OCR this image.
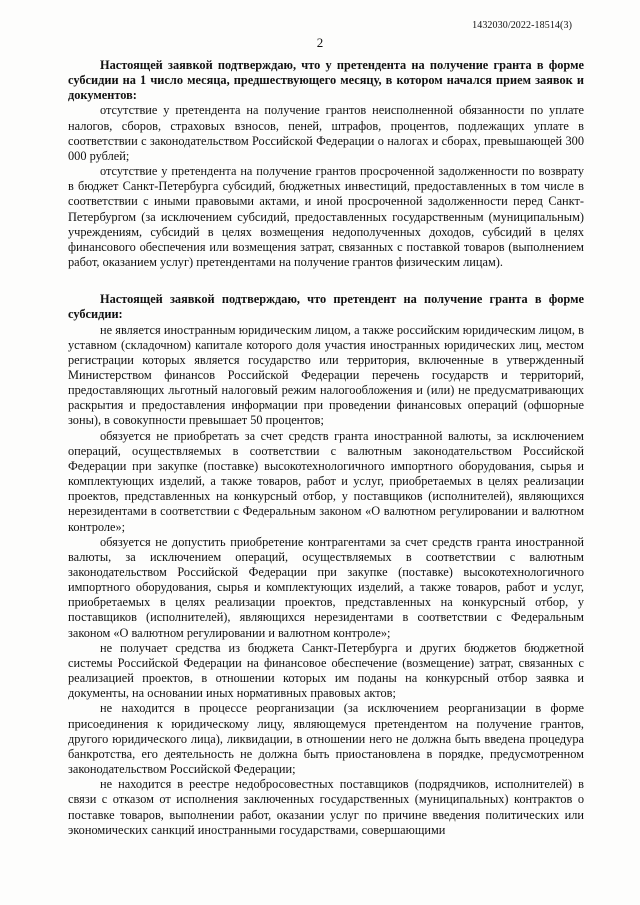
1432030/2022-18514(3)
2

Настоящей заявкой подтверждаю, что у претендента на получение гранта в форме субсидии на 1 число месяца, предшествующего месяцу, в котором начался прием заявок и документов:

отсутствие у претендента на получение грантов неисполненной обязанности по уплате налогов, сборов, страховых взносов, пеней, штрафов, процентов, подлежащих уплате в соответствии с законодательством Российской Федерации о налогах и сборах, превышающей 300 000 рублей;

отсутствие у претендента на получение грантов просроченной задолженности по возврату в бюджет Санкт-Петербурга субсидий, бюджетных инвестиций, предоставленных в том числе в соответствии с иными правовыми актами, и иной просроченной задолженности перед Санкт-Петербургом (за исключением субсидий, предоставленных государственным (муниципальным) учреждениям, субсидий в целях возмещения недополученных доходов, субсидий в целях финансового обеспечения или возмещения затрат, связанных с поставкой товаров (выполнением работ, оказанием услуг) претендентами на получение грантов физическим лицам).

Настоящей заявкой подтверждаю, что претендент на получение гранта в форме субсидии:

не является иностранным юридическим лицом, а также российским юридическим лицом, в уставном (складочном) капитале которого доля участия иностранных юридических лиц, местом регистрации которых является государство или территория, включенные в утвержденный Министерством финансов Российской Федерации перечень государств и территорий, предоставляющих льготный налоговый режим налогообложения и (или) не предусматривающих раскрытия и предоставления информации при проведении финансовых операций (офшорные зоны), в совокупности превышает 50 процентов;

обязуется не приобретать за счет средств гранта иностранной валюты, за исключением операций, осуществляемых в соответствии с валютным законодательством Российской Федерации при закупке (поставке) высокотехнологичного импортного оборудования, сырья и комплектующих изделий, а также товаров, работ и услуг, приобретаемых в целях реализации проектов, представленных на конкурсный отбор, у поставщиков (исполнителей), являющихся нерезидентами в соответствии с Федеральным законом «О валютном регулировании и валютном контроле»;

обязуется не допустить приобретение контрагентами за счет средств гранта иностранной валюты, за исключением операций, осуществляемых в соответствии с валютным законодательством Российской Федерации при закупке (поставке) высокотехнологичного импортного оборудования, сырья и комплектующих изделий, а также товаров, работ и услуг, приобретаемых в целях реализации проектов, представленных на конкурсный отбор, у поставщиков (исполнителей), являющихся нерезидентами в соответствии с Федеральным законом «О валютном регулировании и валютном контроле»;

не получает средства из бюджета Санкт-Петербурга и других бюджетов бюджетной системы Российской Федерации на финансовое обеспечение (возмещение) затрат, связанных с реализацией проектов, в отношении которых им поданы на конкурсный отбор заявка и документы, на основании иных нормативных правовых актов;

не находится в процессе реорганизации (за исключением реорганизации в форме присоединения к юридическому лицу, являющемуся претендентом на получение грантов, другого юридического лица), ликвидации, в отношении него не должна быть введена процедура банкротства, его деятельность не должна быть приостановлена в порядке, предусмотренном законодательством Российской Федерации;

не находится в реестре недобросовестных поставщиков (подрядчиков, исполнителей) в связи с отказом от исполнения заключенных государственных (муниципальных) контрактов о поставке товаров, выполнении работ, оказании услуг по причине введения политических или экономических санкций иностранными государствами, совершающими
